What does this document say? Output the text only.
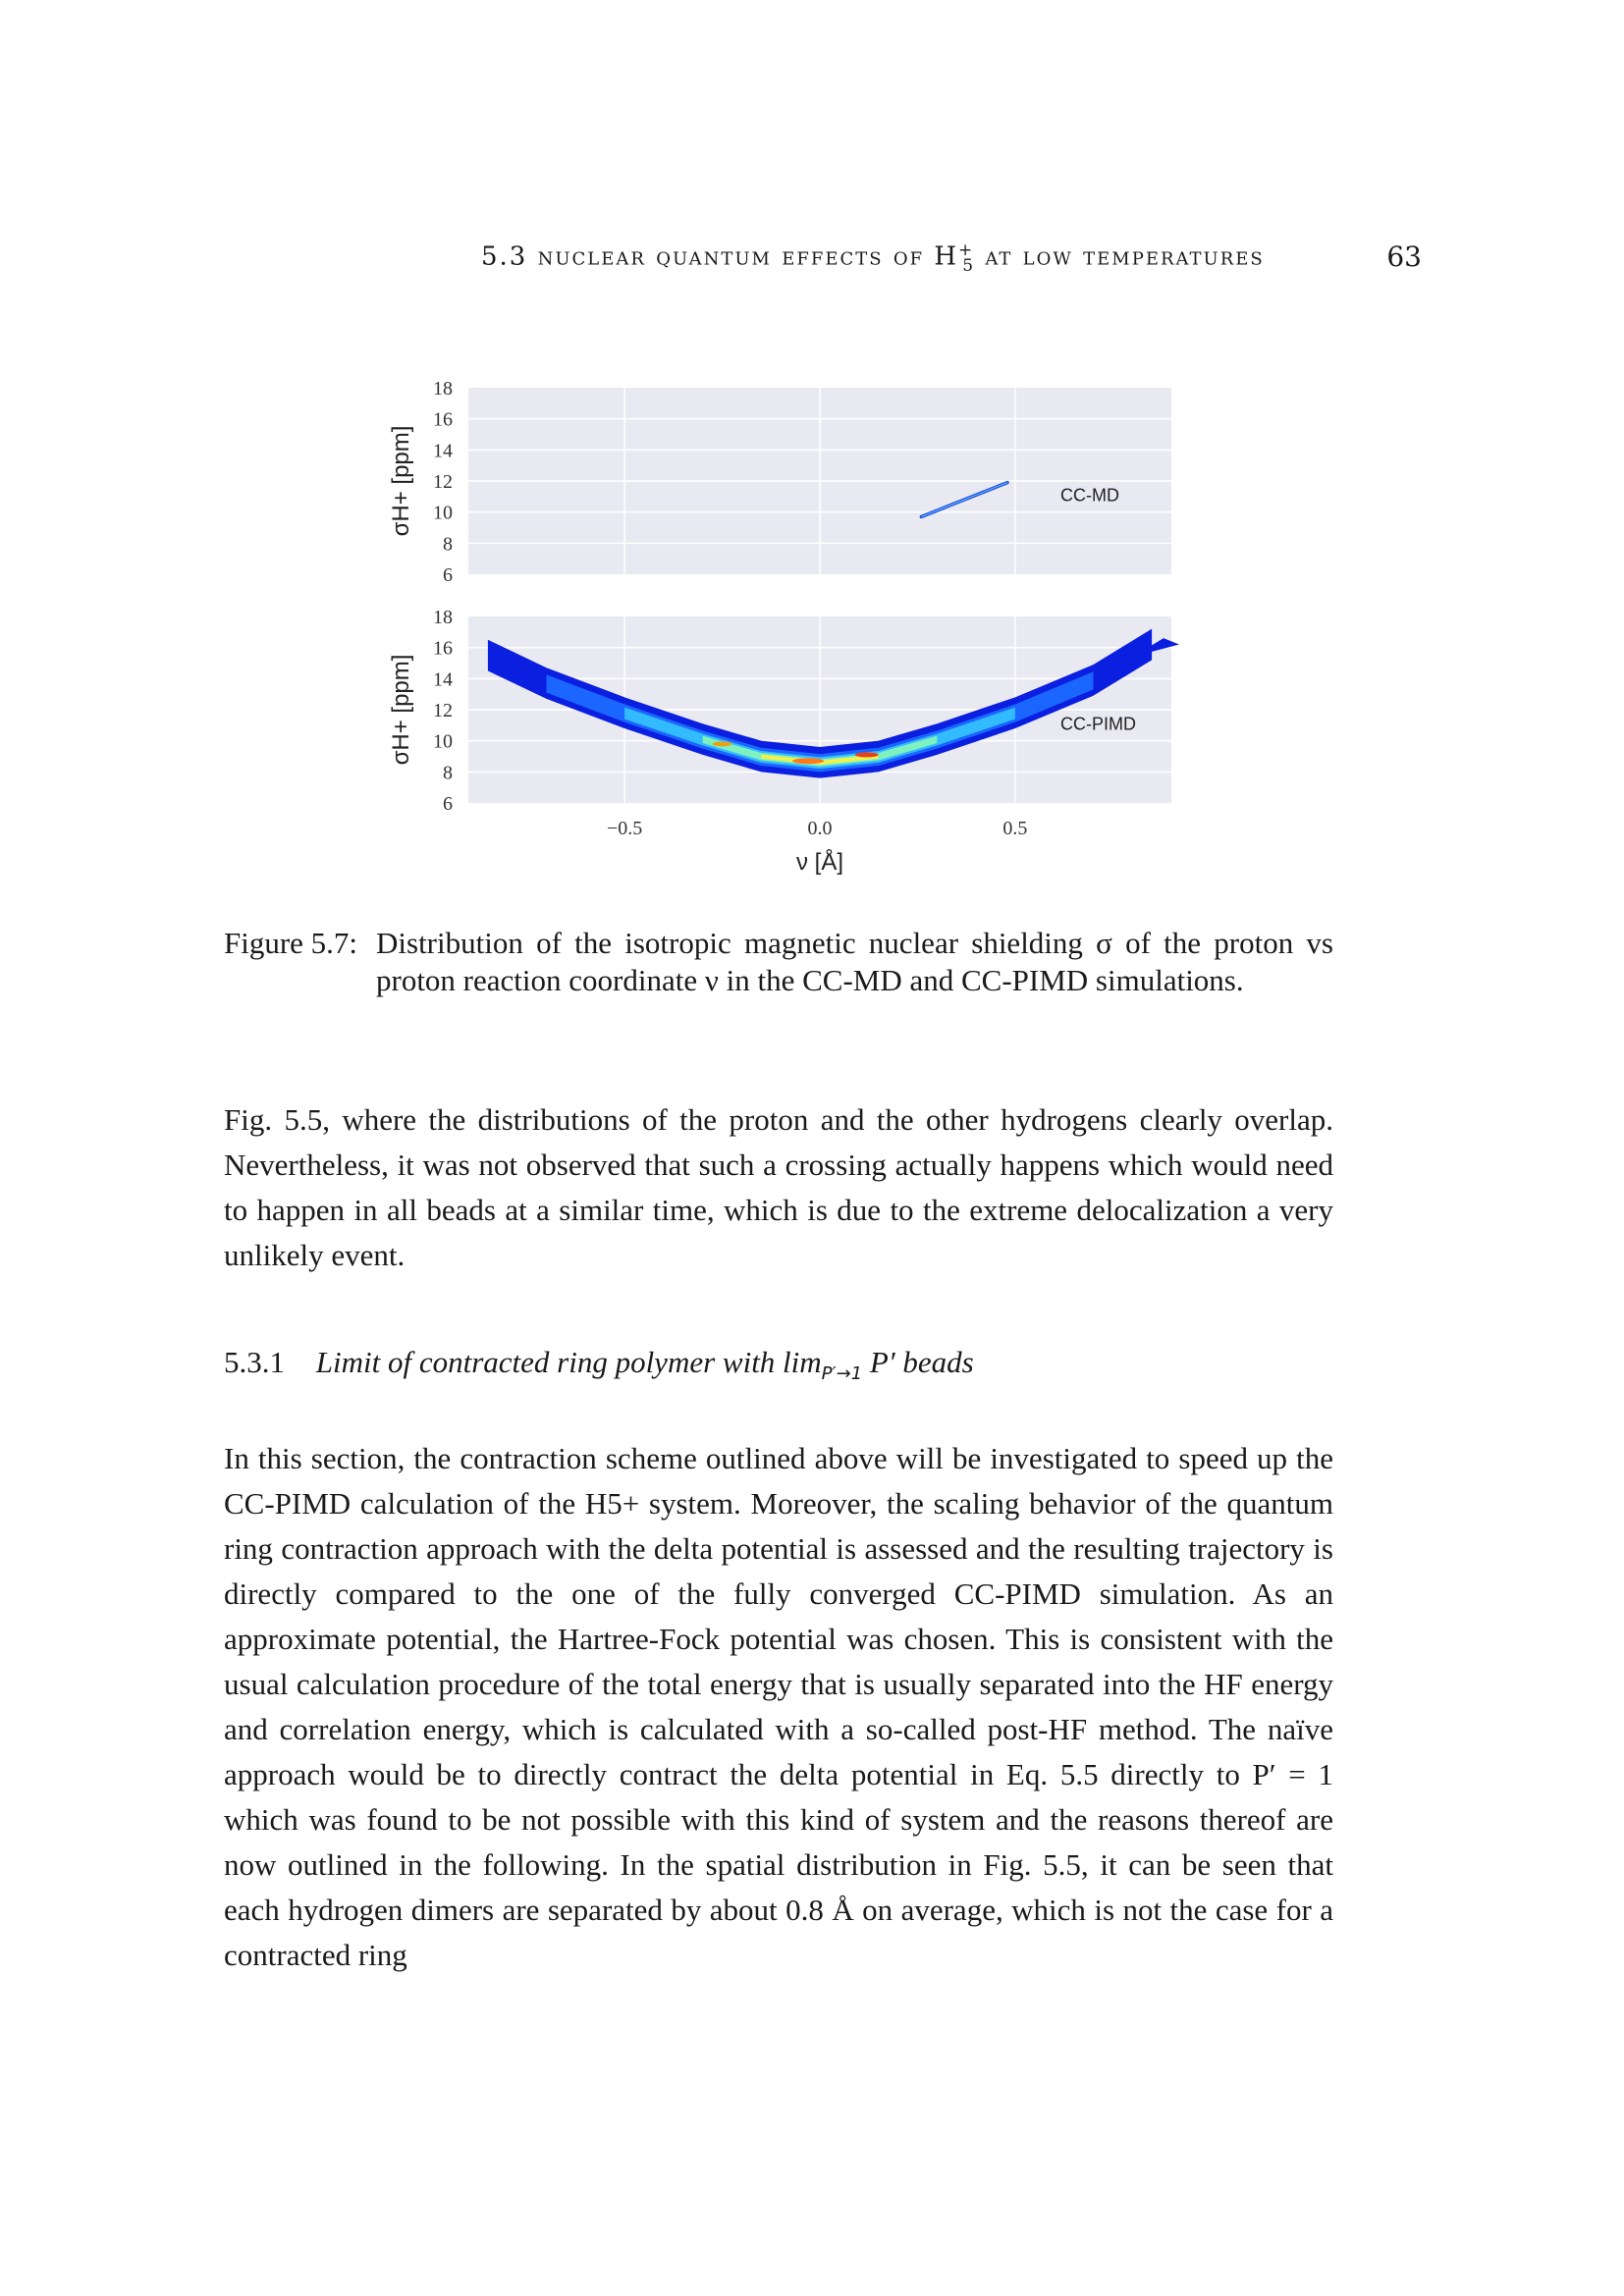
5.3 nuclear quantum effects of $H^+_5$ at low temperatures	63
18
16
14
12
10
8
6
σH+ [ppm]	CC-MD
18
16
14
12
10
8
6
σH+ [ppm]	CC-PIMD
−0.5	0.0	0.5
ν [Å]
Figure 5.7: Distribution of the isotropic magnetic nuclear shielding σ of the proton vs proton reaction coordinate ν in the CC-MD and CC-PIMD simulations.
Fig. 5.5, where the distributions of the proton and the other hydrogens clearly overlap. Nevertheless, it was not observed that such a crossing actually happens which would need to happen in all beads at a similar time, which is due to the extreme delocalization a very unlikely event.
5.3.1 Limit of contracted ring polymer with $\lim_{P'\to 1} P'$ beads
In this section, the contraction scheme outlined above will be investigated to speed up the CC-PIMD calculation of the H5+ system. Moreover, the scaling behavior of the quantum ring contraction approach with the delta potential is assessed and the resulting trajectory is directly compared to the one of the fully converged CC-PIMD simulation. As an approximate potential, the Hartree-Fock potential was chosen. This is consistent with the usual calculation procedure of the total energy that is usually separated into the HF energy and correlation energy, which is calculated with a so-called post-HF method. The naïve approach would be to directly contract the delta potential in Eq. 5.5 directly to P′ = 1 which was found to be not possible with this kind of system and the reasons thereof are now outlined in the following. In the spatial distribution in Fig. 5.5, it can be seen that each hydrogen dimers are separated by about 0.8 Å on average, which is not the case for a contracted ring
